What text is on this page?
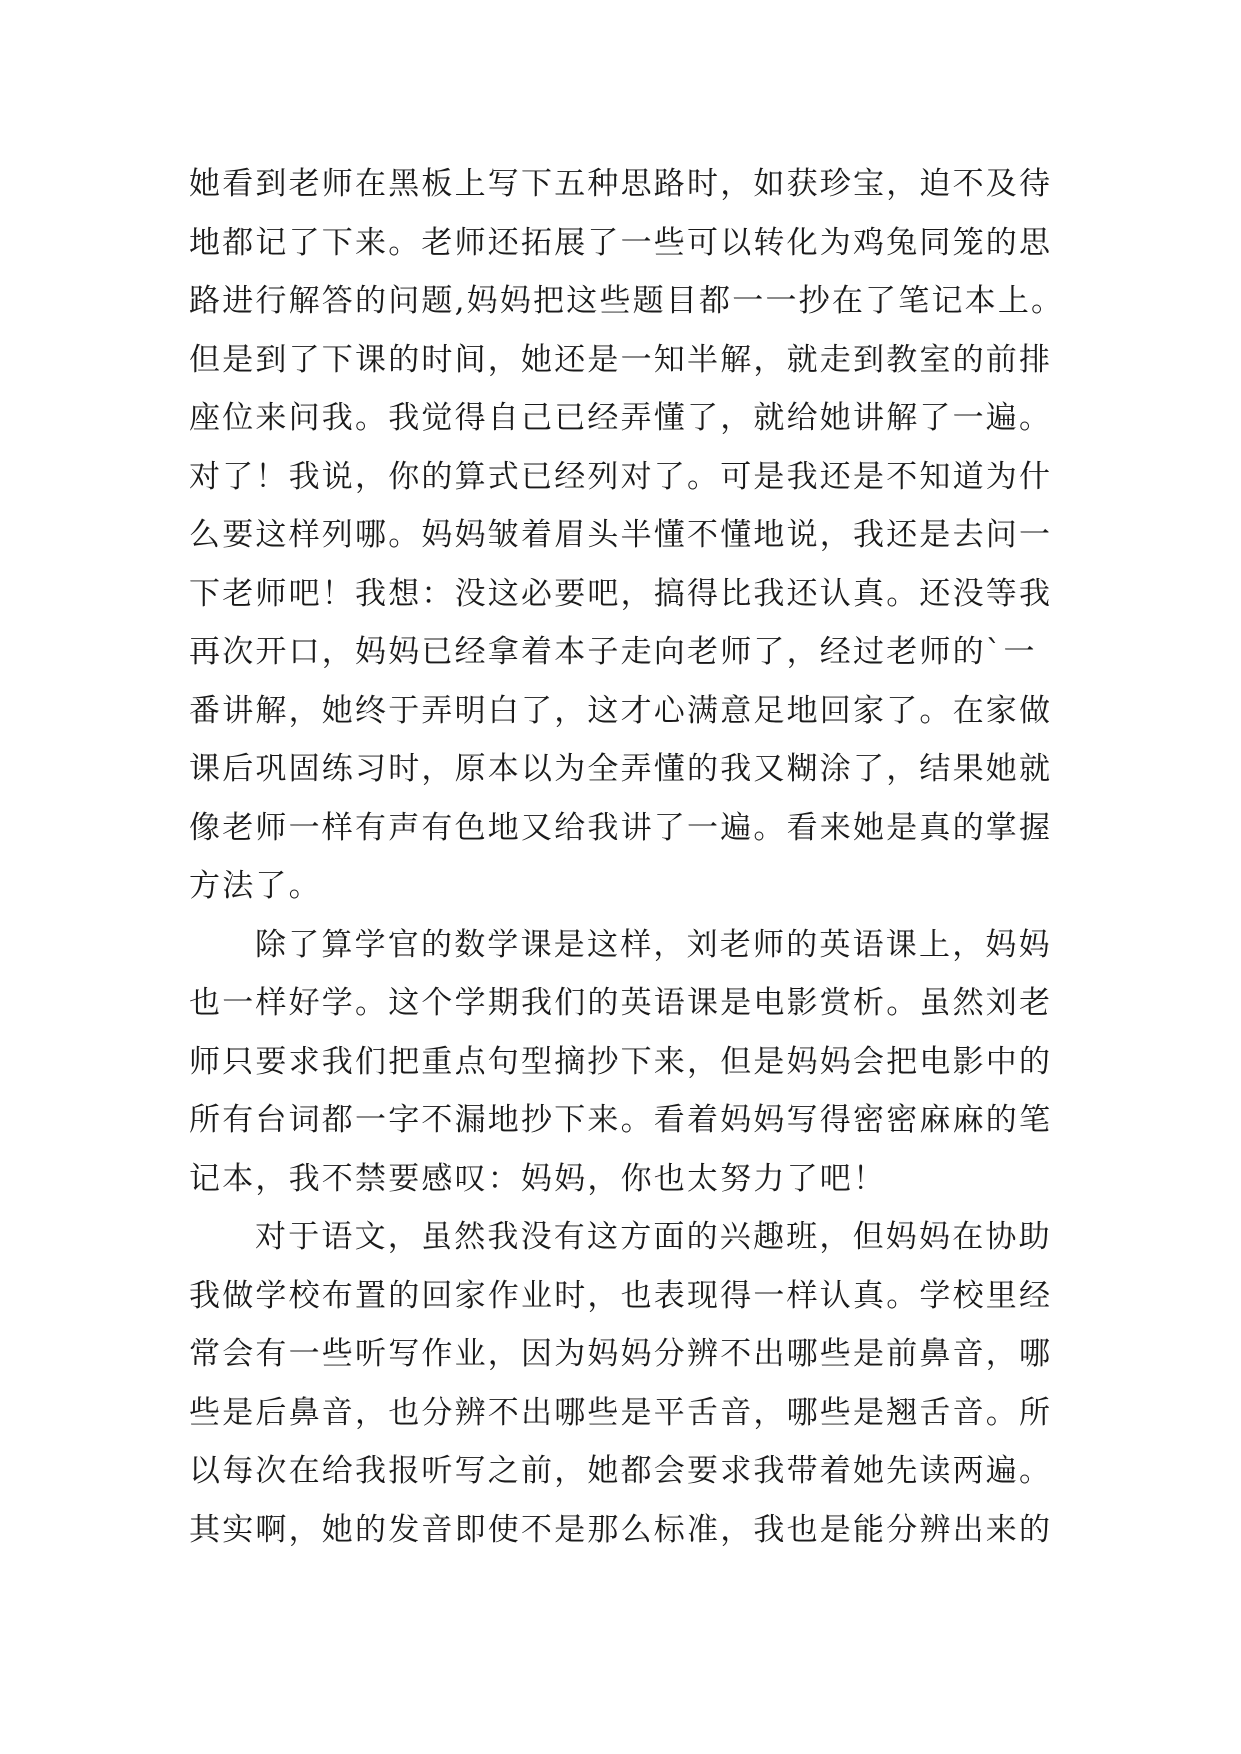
她看到老师在黑板上写下五种思路时，如获珍宝，迫不及待
地都记了下来。老师还拓展了一些可以转化为鸡兔同笼的思
路进行解答的问题,妈妈把这些题目都一一抄在了笔记本上。
但是到了下课的时间，她还是一知半解，就走到教室的前排
座位来问我。我觉得自己已经弄懂了，就给她讲解了一遍。
对了！我说，你的算式已经列对了。可是我还是不知道为什
么要这样列哪。妈妈皱着眉头半懂不懂地说，我还是去问一
下老师吧！我想：没这必要吧，搞得比我还认真。还没等我
再次开口，妈妈已经拿着本子走向老师了，经过老师的`一
番讲解，她终于弄明白了，这才心满意足地回家了。在家做
课后巩固练习时，原本以为全弄懂的我又糊涂了，结果她就
像老师一样有声有色地又给我讲了一遍。看来她是真的掌握
方法了。
除了算学官的数学课是这样，刘老师的英语课上，妈妈
也一样好学。这个学期我们的英语课是电影赏析。虽然刘老
师只要求我们把重点句型摘抄下来，但是妈妈会把电影中的
所有台词都一字不漏地抄下来。看着妈妈写得密密麻麻的笔
记本，我不禁要感叹：妈妈，你也太努力了吧！
对于语文，虽然我没有这方面的兴趣班，但妈妈在协助
我做学校布置的回家作业时，也表现得一样认真。学校里经
常会有一些听写作业，因为妈妈分辨不出哪些是前鼻音，哪
些是后鼻音，也分辨不出哪些是平舌音，哪些是翘舌音。所
以每次在给我报听写之前，她都会要求我带着她先读两遍。
其实啊，她的发音即使不是那么标准，我也是能分辨出来的
